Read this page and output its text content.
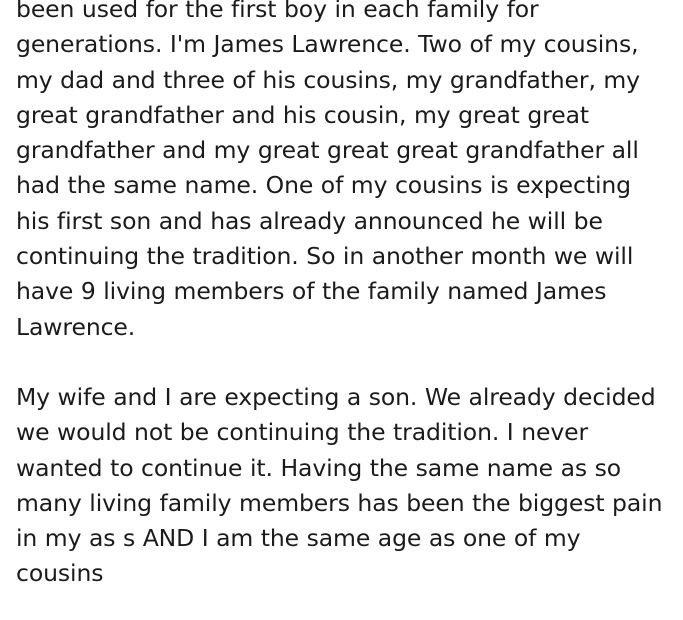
been used for the first boy in each family for generations. I'm James Lawrence. Two of my cousins, my dad and three of his cousins, my grandfather, my great grandfather and his cousin, my great great grandfather and my great great great grandfather all had the same name. One of my cousins is expecting his first son and has already announced he will be continuing the tradition. So in another month we will have 9 living members of the family named James Lawrence.
My wife and I are expecting a son. We already decided we would not be continuing the tradition. I never wanted to continue it. Having the same name as so many living family members has been the biggest pain in my as s AND I am the same age as one of my cousins
